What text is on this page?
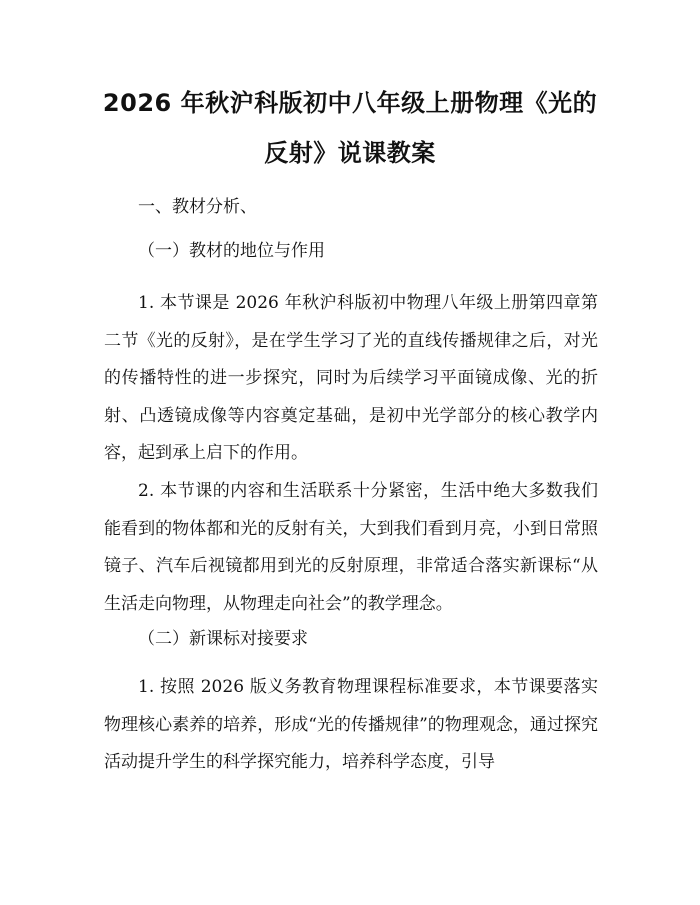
2026 年秋沪科版初中八年级上册物理《光的
反射》说课教案
一、教材分析、
（一）教材的地位与作用
1. 本节课是 2026 年秋沪科版初中物理八年级上册第四章第二节《光的反射》，是在学生学习了光的直线传播规律之后，对光的传播特性的进一步探究，同时为后续学习平面镜成像、光的折射、凸透镜成像等内容奠定基础，是初中光学部分的核心教学内容，起到承上启下的作用。
2. 本节课的内容和生活联系十分紧密，生活中绝大多数我们能看到的物体都和光的反射有关，大到我们看到月亮，小到日常照镜子、汽车后视镜都用到光的反射原理，非常适合落实新课标“从生活走向物理，从物理走向社会”的教学理念。
（二）新课标对接要求
1. 按照 2026 版义务教育物理课程标准要求，本节课要落实物理核心素养的培养，形成“光的传播规律”的物理观念，通过探究活动提升学生的科学探究能力，培养科学态度，引导
